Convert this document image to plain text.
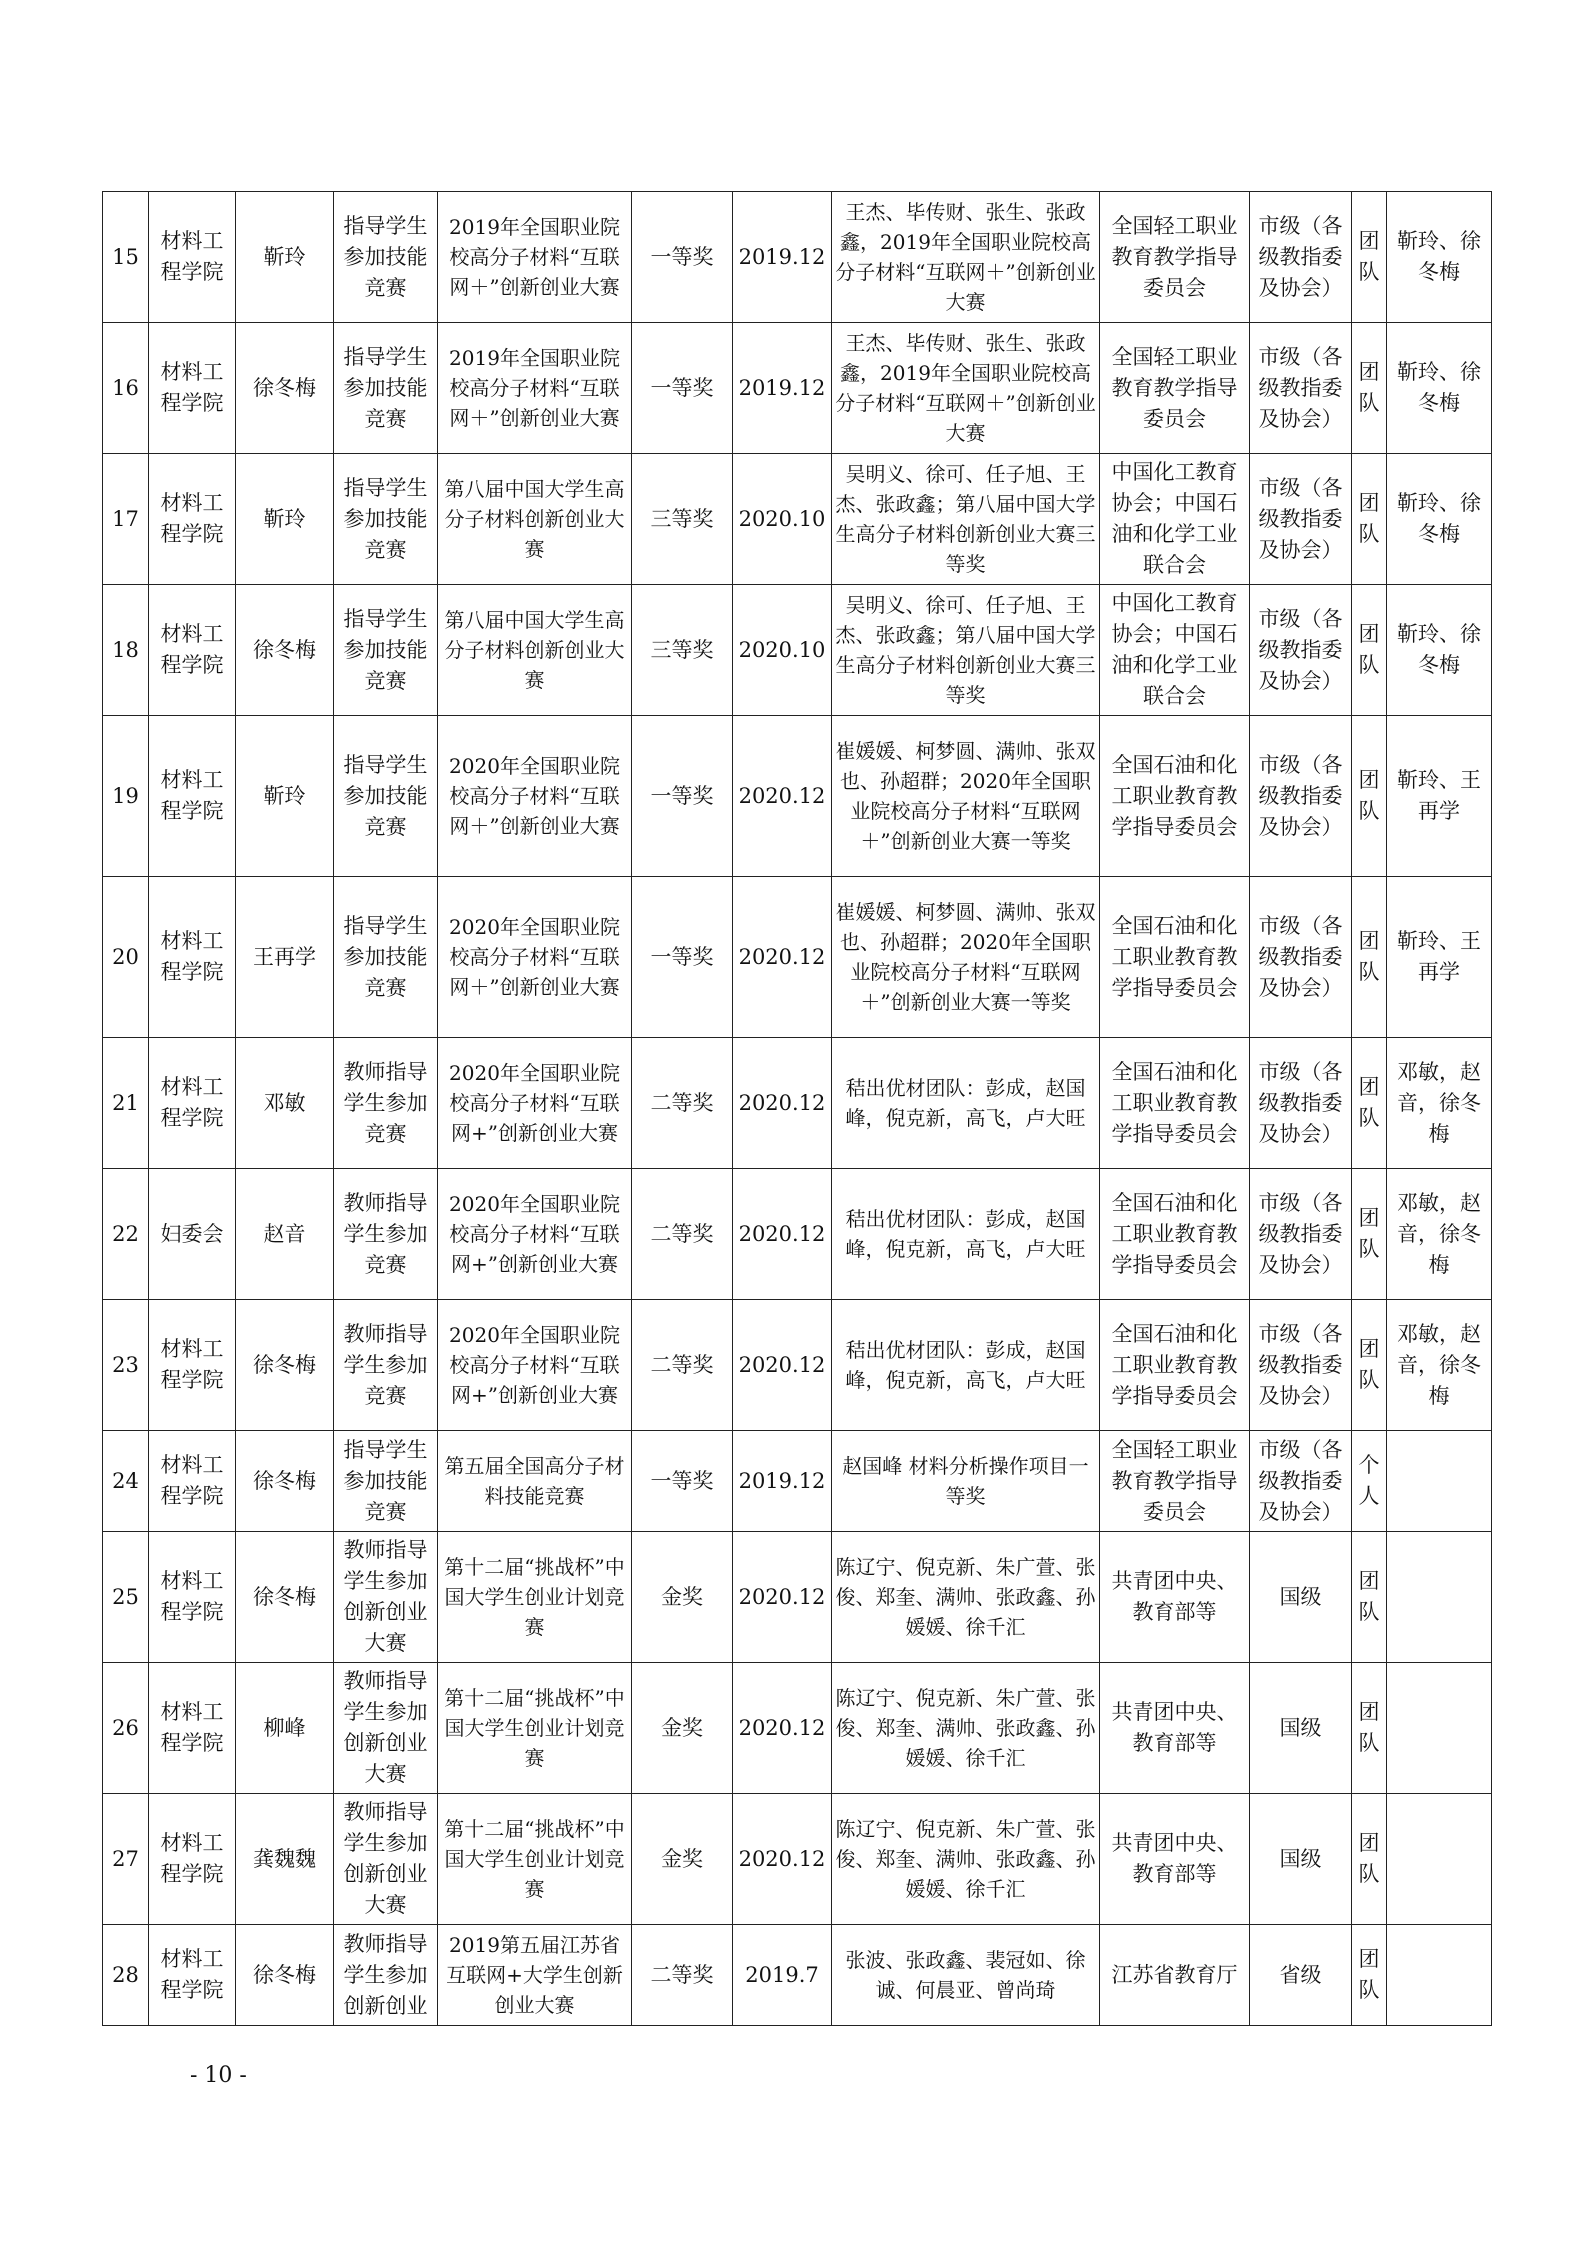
15	材料工程学院	靳玲	指导学生参加技能竞赛	2019年全国职业院校高分子材料“互联网＋”创新创业大赛	一等奖	2019.12	王杰、毕传财、张生、张政鑫，2019年全国职业院校高分子材料“互联网＋”创新创业大赛	全国轻工职业教育教学指导委员会	市级（各级教指委及协会）	团队	靳玲、徐冬梅
16	材料工程学院	徐冬梅	指导学生参加技能竞赛	2019年全国职业院校高分子材料“互联网＋”创新创业大赛	一等奖	2019.12	王杰、毕传财、张生、张政鑫，2019年全国职业院校高分子材料“互联网＋”创新创业大赛	全国轻工职业教育教学指导委员会	市级（各级教指委及协会）	团队	靳玲、徐冬梅
17	材料工程学院	靳玲	指导学生参加技能竞赛	第八届中国大学生高分子材料创新创业大赛	三等奖	2020.10	吴明义、徐可、任子旭、王杰、张政鑫；第八届中国大学生高分子材料创新创业大赛三等奖	中国化工教育协会；中国石油和化学工业联合会	市级（各级教指委及协会）	团队	靳玲、徐冬梅
18	材料工程学院	徐冬梅	指导学生参加技能竞赛	第八届中国大学生高分子材料创新创业大赛	三等奖	2020.10	吴明义、徐可、任子旭、王杰、张政鑫；第八届中国大学生高分子材料创新创业大赛三等奖	中国化工教育协会；中国石油和化学工业联合会	市级（各级教指委及协会）	团队	靳玲、徐冬梅
19	材料工程学院	靳玲	指导学生参加技能竞赛	2020年全国职业院校高分子材料“互联网＋”创新创业大赛	一等奖	2020.12	崔媛媛、柯梦圆、满帅、张双也、孙超群；2020年全国职业院校高分子材料“互联网＋”创新创业大赛一等奖	全国石油和化工职业教育教学指导委员会	市级（各级教指委及协会）	团队	靳玲、王再学
20	材料工程学院	王再学	指导学生参加技能竞赛	2020年全国职业院校高分子材料“互联网＋”创新创业大赛	一等奖	2020.12	崔媛媛、柯梦圆、满帅、张双也、孙超群；2020年全国职业院校高分子材料“互联网＋”创新创业大赛一等奖	全国石油和化工职业教育教学指导委员会	市级（各级教指委及协会）	团队	靳玲、王再学
21	材料工程学院	邓敏	教师指导学生参加竞赛	2020年全国职业院校高分子材料“互联网+”创新创业大赛	二等奖	2020.12	秸出优材团队：彭成，赵国峰，倪克新，高飞，卢大旺	全国石油和化工职业教育教学指导委员会	市级（各级教指委及协会）	团队	邓敏，赵音，徐冬梅
22	妇委会	赵音	教师指导学生参加竞赛	2020年全国职业院校高分子材料“互联网+”创新创业大赛	二等奖	2020.12	秸出优材团队：彭成，赵国峰，倪克新，高飞，卢大旺	全国石油和化工职业教育教学指导委员会	市级（各级教指委及协会）	团队	邓敏，赵音，徐冬梅
23	材料工程学院	徐冬梅	教师指导学生参加竞赛	2020年全国职业院校高分子材料“互联网+”创新创业大赛	二等奖	2020.12	秸出优材团队：彭成，赵国峰，倪克新，高飞，卢大旺	全国石油和化工职业教育教学指导委员会	市级（各级教指委及协会）	团队	邓敏，赵音，徐冬梅
24	材料工程学院	徐冬梅	指导学生参加技能竞赛	第五届全国高分子材料技能竞赛	一等奖	2019.12	赵国峰 材料分析操作项目一等奖	全国轻工职业教育教学指导委员会	市级（各级教指委及协会）	个人	
25	材料工程学院	徐冬梅	教师指导学生参加创新创业大赛	第十二届“挑战杯”中国大学生创业计划竞赛	金奖	2020.12	陈辽宁、倪克新、朱广萱、张俊、郑奎、满帅、张政鑫、孙媛媛、徐千汇	共青团中央、教育部等	国级	团队	
26	材料工程学院	柳峰	教师指导学生参加创新创业大赛	第十二届“挑战杯”中国大学生创业计划竞赛	金奖	2020.12	陈辽宁、倪克新、朱广萱、张俊、郑奎、满帅、张政鑫、孙媛媛、徐千汇	共青团中央、教育部等	国级	团队	
27	材料工程学院	龚魏魏	教师指导学生参加创新创业大赛	第十二届“挑战杯”中国大学生创业计划竞赛	金奖	2020.12	陈辽宁、倪克新、朱广萱、张俊、郑奎、满帅、张政鑫、孙媛媛、徐千汇	共青团中央、教育部等	国级	团队	
28	材料工程学院	徐冬梅	教师指导学生参加创新创业	2019第五届江苏省互联网+大学生创新创业大赛	二等奖	2019.7	张波、张政鑫、裴冠如、徐诚、何晨亚、曾尚琦	江苏省教育厅	省级	团队	
- 10 -
